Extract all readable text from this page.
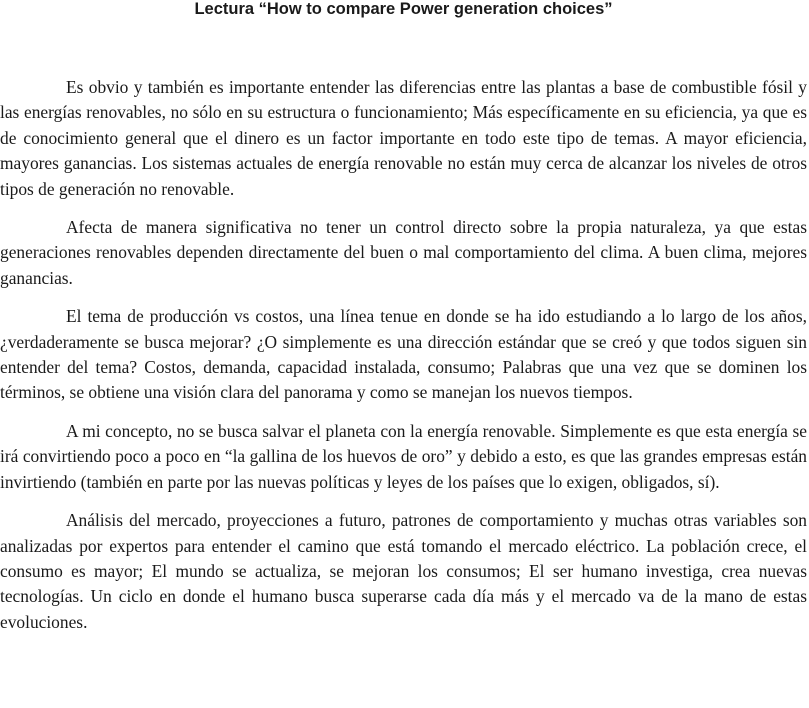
Lectura “How to compare Power generation choices”

Es obvio y también es importante entender las diferencias entre las plantas a base de combustible fósil y las energías renovables, no sólo en su estructura o funcionamiento; Más específicamente en su eficiencia, ya que es de conocimiento general que el dinero es un factor importante en todo este tipo de temas. A mayor eficiencia, mayores ganancias. Los sistemas actuales de energía renovable no están muy cerca de alcanzar los niveles de otros tipos de generación no renovable.

Afecta de manera significativa no tener un control directo sobre la propia naturaleza, ya que estas generaciones renovables dependen directamente del buen o mal comportamiento del clima. A buen clima, mejores ganancias.

El tema de producción vs costos, una línea tenue en donde se ha ido estudiando a lo largo de los años, ¿verdaderamente se busca mejorar? ¿O simplemente es una dirección estándar que se creó y que todos siguen sin entender del tema? Costos, demanda, capacidad instalada, consumo; Palabras que una vez que se dominen los términos, se obtiene una visión clara del panorama y como se manejan los nuevos tiempos.

A mi concepto, no se busca salvar el planeta con la energía renovable. Simplemente es que esta energía se irá convirtiendo poco a poco en “la gallina de los huevos de oro” y debido a esto, es que las grandes empresas están invirtiendo (también en parte por las nuevas políticas y leyes de los países que lo exigen, obligados, sí).

Análisis del mercado, proyecciones a futuro, patrones de comportamiento y muchas otras variables son analizadas por expertos para entender el camino que está tomando el mercado eléctrico. La población crece, el consumo es mayor; El mundo se actualiza, se mejoran los consumos; El ser humano investiga, crea nuevas tecnologías. Un ciclo en donde el humano busca superarse cada día más y el mercado va de la mano de estas evoluciones.
